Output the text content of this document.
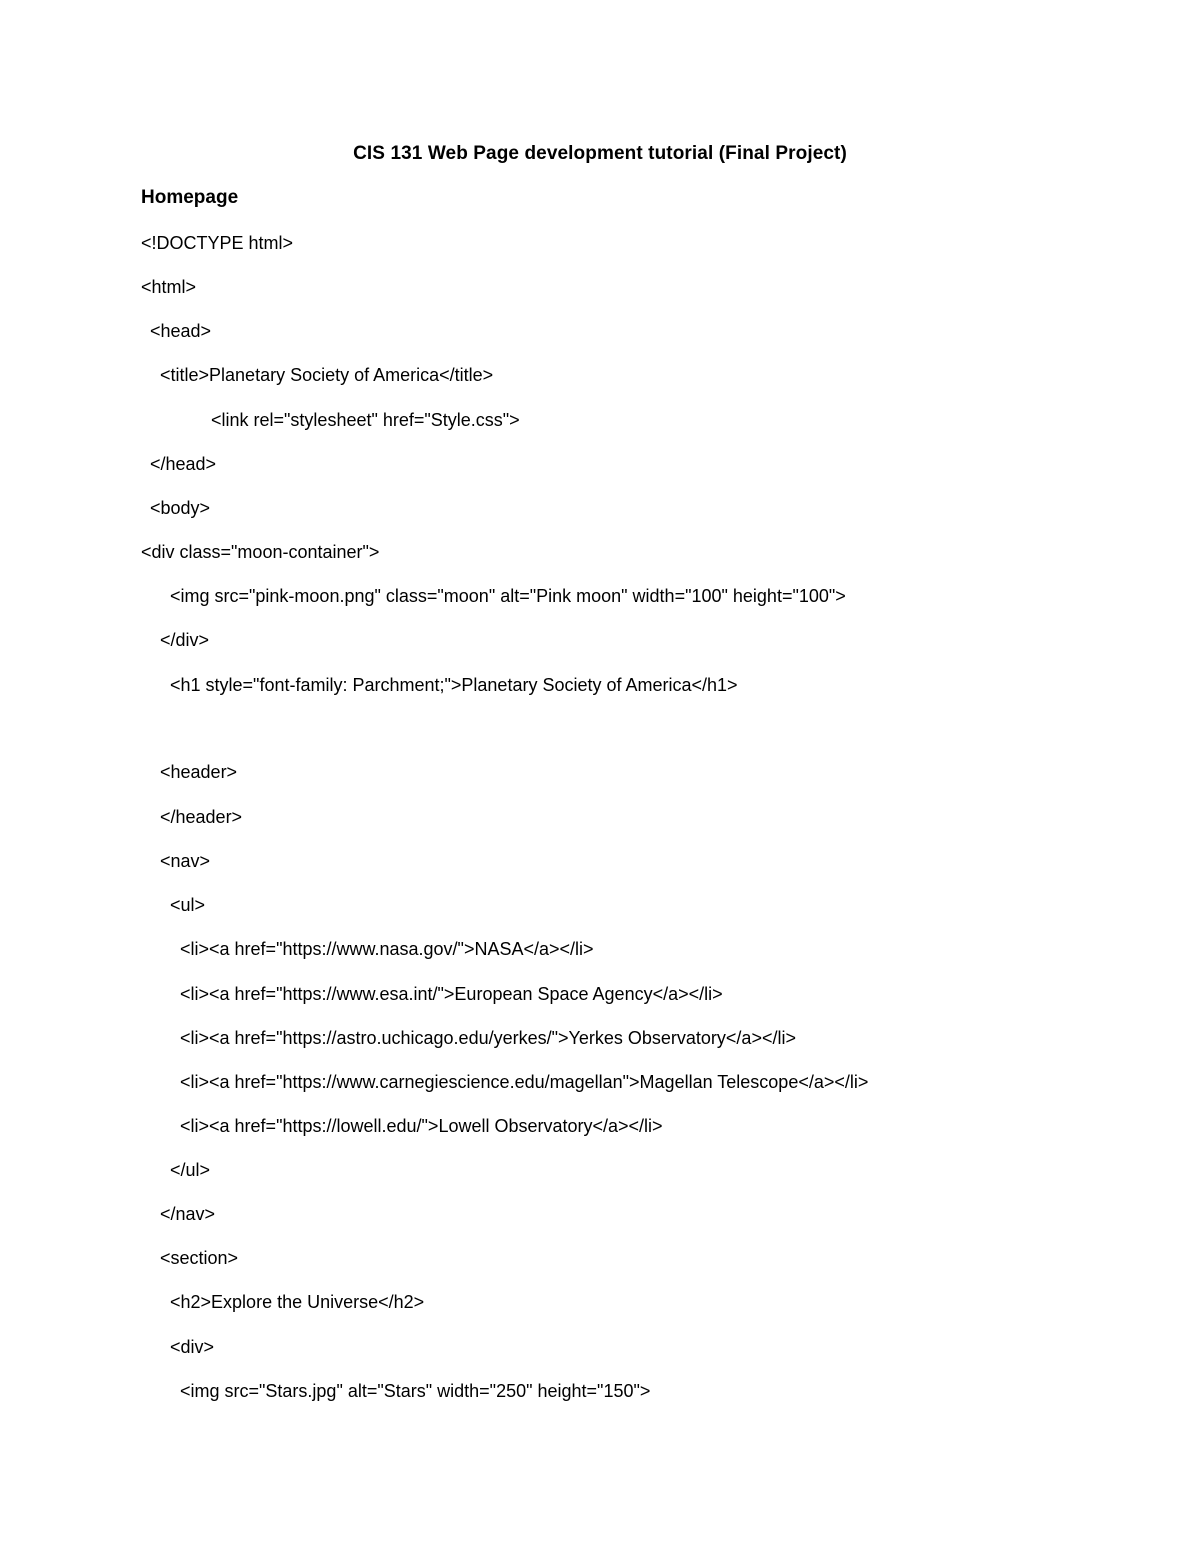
CIS 131 Web Page development tutorial (Final Project)
Homepage
<!DOCTYPE html>
<html>
<head>
<title>Planetary Society of America</title>
<link rel="stylesheet" href="Style.css">
</head>
<body>
<div class="moon-container">
<img src="pink-moon.png" class="moon" alt="Pink moon" width="100" height="100">
</div>
<h1 style="font-family: Parchment;">Planetary Society of America</h1>
<header>
</header>
<nav>
<ul>
<li><a href="https://www.nasa.gov/">NASA</a></li>
<li><a href="https://www.esa.int/">European Space Agency</a></li>
<li><a href="https://astro.uchicago.edu/yerkes/">Yerkes Observatory</a></li>
<li><a href="https://www.carnegiescience.edu/magellan">Magellan Telescope</a></li>
<li><a href="https://lowell.edu/">Lowell Observatory</a></li>
</ul>
</nav>
<section>
<h2>Explore the Universe</h2>
<div>
<img src="Stars.jpg" alt="Stars" width="250" height="150">
